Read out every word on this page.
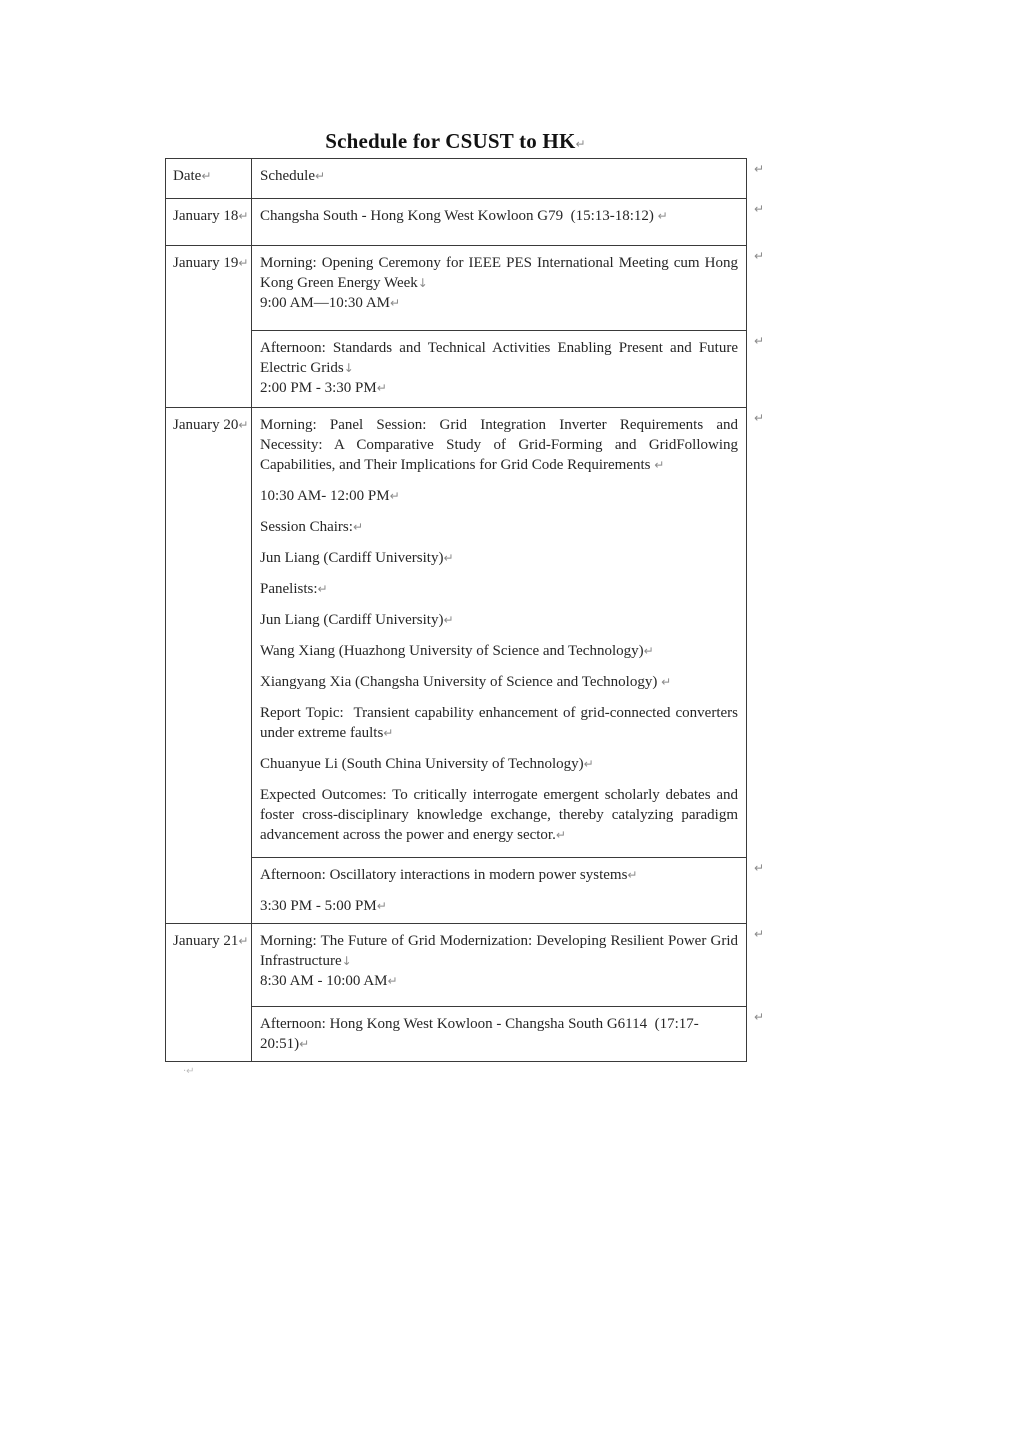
Schedule for CSUST to HK↵
Date↵	Schedule↵ ↵

January 18↵	Changsha South - Hong Kong West Kowloon G79  (15:13-18:12) ↵ ↵

January 19↵	Morning: Opening Ceremony for IEEE PES International Meeting cum Hong Kong Green Energy Week↓
9:00 AM—10:30 AM↵

↵

	Afternoon: Standards and Technical Activities Enabling Present and Future Electric Grids↓
2:00 PM - 3:30 PM↵

↵

January 20↵	Morning: Panel Session: Grid Integration Inverter Requirements and Necessity: A Comparative Study of Grid-Forming and GridFollowing Capabilities, and Their Implications for Grid Code Requirements ↵

10:30 AM- 12:00 PM↵

Session Chairs:↵

Jun Liang (Cardiff University)↵

Panelists:↵

Jun Liang (Cardiff University)↵

Wang Xiang (Huazhong University of Science and Technology)↵

Xiangyang Xia (Changsha University of Science and Technology) ↵

Report Topic:  Transient capability enhancement of grid-connected converters under extreme faults↵

Chuanyue Li (South China University of Technology)↵

Expected Outcomes: To critically interrogate emergent scholarly debates and foster cross-disciplinary knowledge exchange, thereby catalyzing paradigm advancement across the power and energy sector.↵

↵

	Afternoon: Oscillatory interactions in modern power systems↵

3:30 PM - 5:00 PM↵

↵

January 21↵	Morning: The Future of Grid Modernization: Developing Resilient Power Grid Infrastructure↓
8:30 AM - 10:00 AM↵

↵

	Afternoon: Hong Kong West Kowloon - Changsha South G6114  (17:17-20:51)↵

↵
·↵
